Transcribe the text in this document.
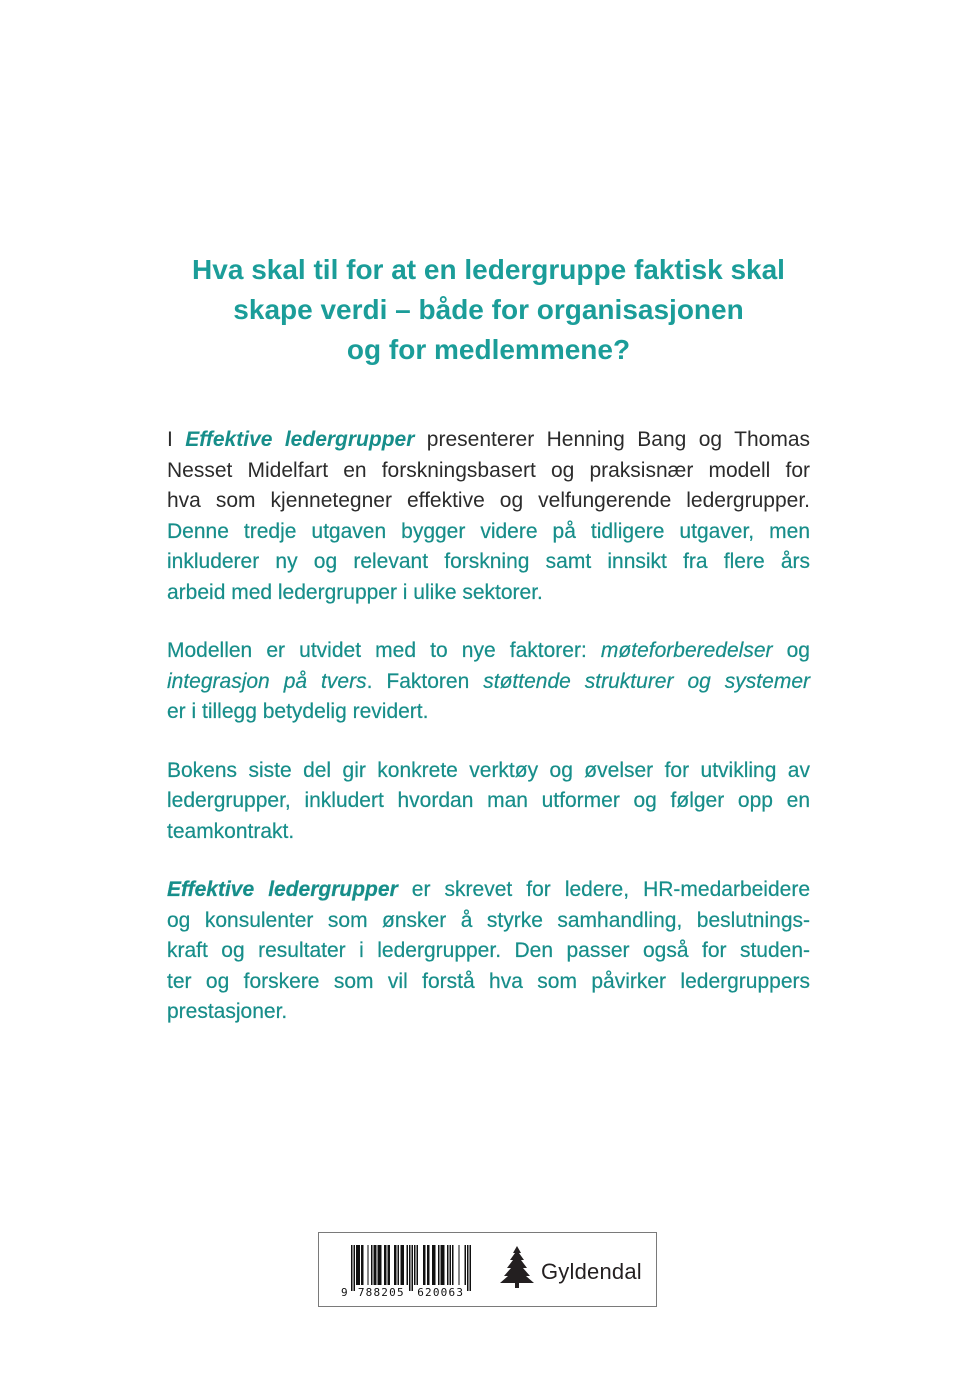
Hva skal til for at en ledergruppe faktisk skal
skape verdi – både for organisasjonen
og for medlemmene?
I Effektive ledergrupper presenterer Henning Bang og Thomas
Nesset Midelfart en forskningsbasert og praksisnær modell for
hva som kjennetegner effektive og velfungerende ledergrupper.
Denne tredje utgaven bygger videre på tidligere utgaver, men
inkluderer ny og relevant forskning samt innsikt fra flere års
arbeid med ledergrupper i ulike sektorer.
Modellen er utvidet med to nye faktorer: møteforberedelser og
integrasjon på tvers. Faktoren støttende strukturer og systemer
er i tillegg betydelig revidert.
Bokens siste del gir konkrete verktøy og øvelser for utvikling av
ledergrupper, inkludert hvordan man utformer og følger opp en
teamkontrakt.
Effektive ledergrupper er skrevet for ledere, HR-medarbeidere
og konsulenter som ønsker å styrke samhandling, beslutnings-
kraft og resultater i ledergrupper. Den passer også for studen-
ter og forskere som vil forstå hva som påvirker ledergruppers
prestasjoner.
9 788205 620063
Gyldendal
